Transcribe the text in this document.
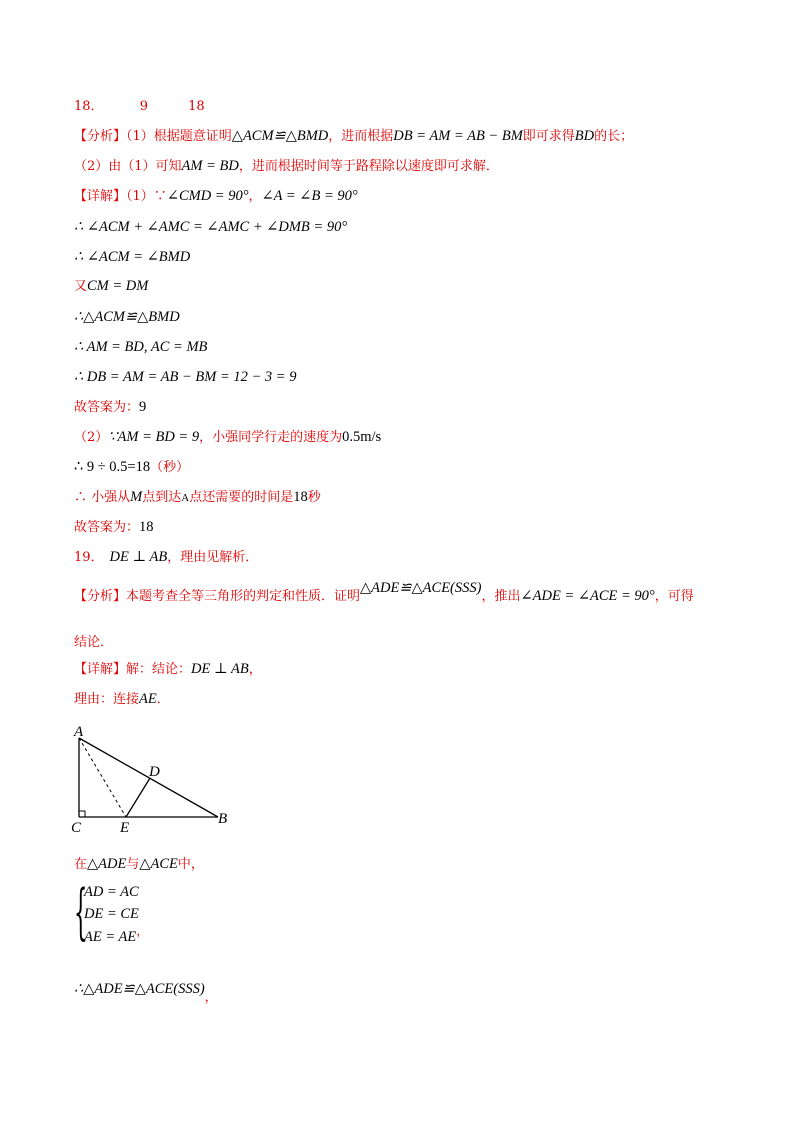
18．	9	18
【分析】（1）根据题意证明△ACM≌△BMD，进而根据DB = AM = AB − BM即可求得BD的长；
（2）由（1）可知AM = BD，进而根据时间等于路程除以速度即可求解．
【详解】（1）∵∠CMD = 90°，∠A = ∠B = 90°
∴ ∠ACM + ∠AMC = ∠AMC + ∠DMB = 90°
∴ ∠ACM = ∠BMD
又CM = DM
∴△ACM≌△BMD
∴ AM = BD, AC = MB
∴ DB = AM = AB − BM = 12 − 3 = 9
故答案为：9
（2）∵AM = BD = 9，小强同学行走的速度为0.5m/s
∴ 9 ÷ 0.5=18（秒）
∴ 小强从M点到达A点还需要的时间是18秒
故答案为：18
19． DE ⊥ AB，理由见解析．
【分析】本题考查全等三角形的判定和性质．证明△ADE≌△ACE(SSS)，推出∠ADE = ∠ACE = 90°，可得
结论．
【详解】解：结论：DE ⊥ AB，
理由：连接AE．
A
D
B
C	E
在△ADE与△ACE中，
{
AD = AC
DE = CE
AE = AE，
∴△ADE≌△ACE(SSS)，
